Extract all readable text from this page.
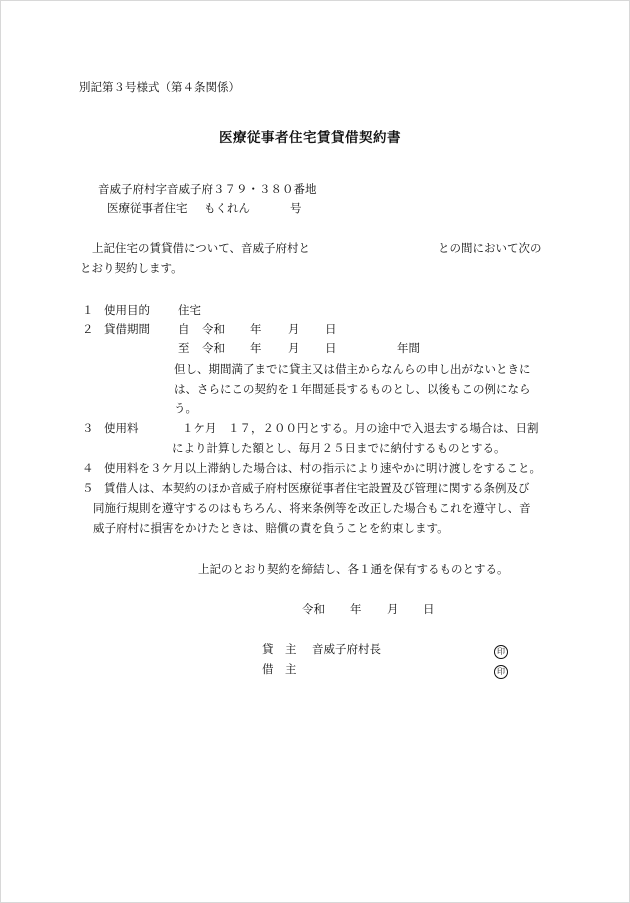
別記第３号様式（第４条関係）
医療従事者住宅賃貸借契約書
音威子府村字音威子府３７９・３８０番地
医療従事者住宅 もくれん	号
上記住宅の賃貸借について、音威子府村と	との間において次の
とおり契約します。
１ 使用目的 住宅
２ 貸借期間 自 令和 年 月 日
至 令和 年 月 日	年間
但し、期間満了までに貸主又は借主からなんらの申し出がないときに
は、さらにこの契約を１年間延長するものとし、以後もこの例になら
う。
３ 使用料	１ケ月　１７，２００円とする。月の途中で入退去する場合は、日割
により計算した額とし、毎月２５日までに納付するものとする。
４ 使用料を３ケ月以上滞納した場合は、村の指示により速やかに明け渡しをすること。
５ 賃借人は、本契約のほか音威子府村医療従事者住宅設置及び管理に関する条例及び
同施行規則を遵守するのはもちろん、将来条例等を改正した場合もこれを遵守し、音
威子府村に損害をかけたときは、賠償の責を負うことを約束します。
上記のとおり契約を締結し、各１通を保有するものとする。
令和 年 月 日
貸　主 音威子府村長	印
借　主	印
